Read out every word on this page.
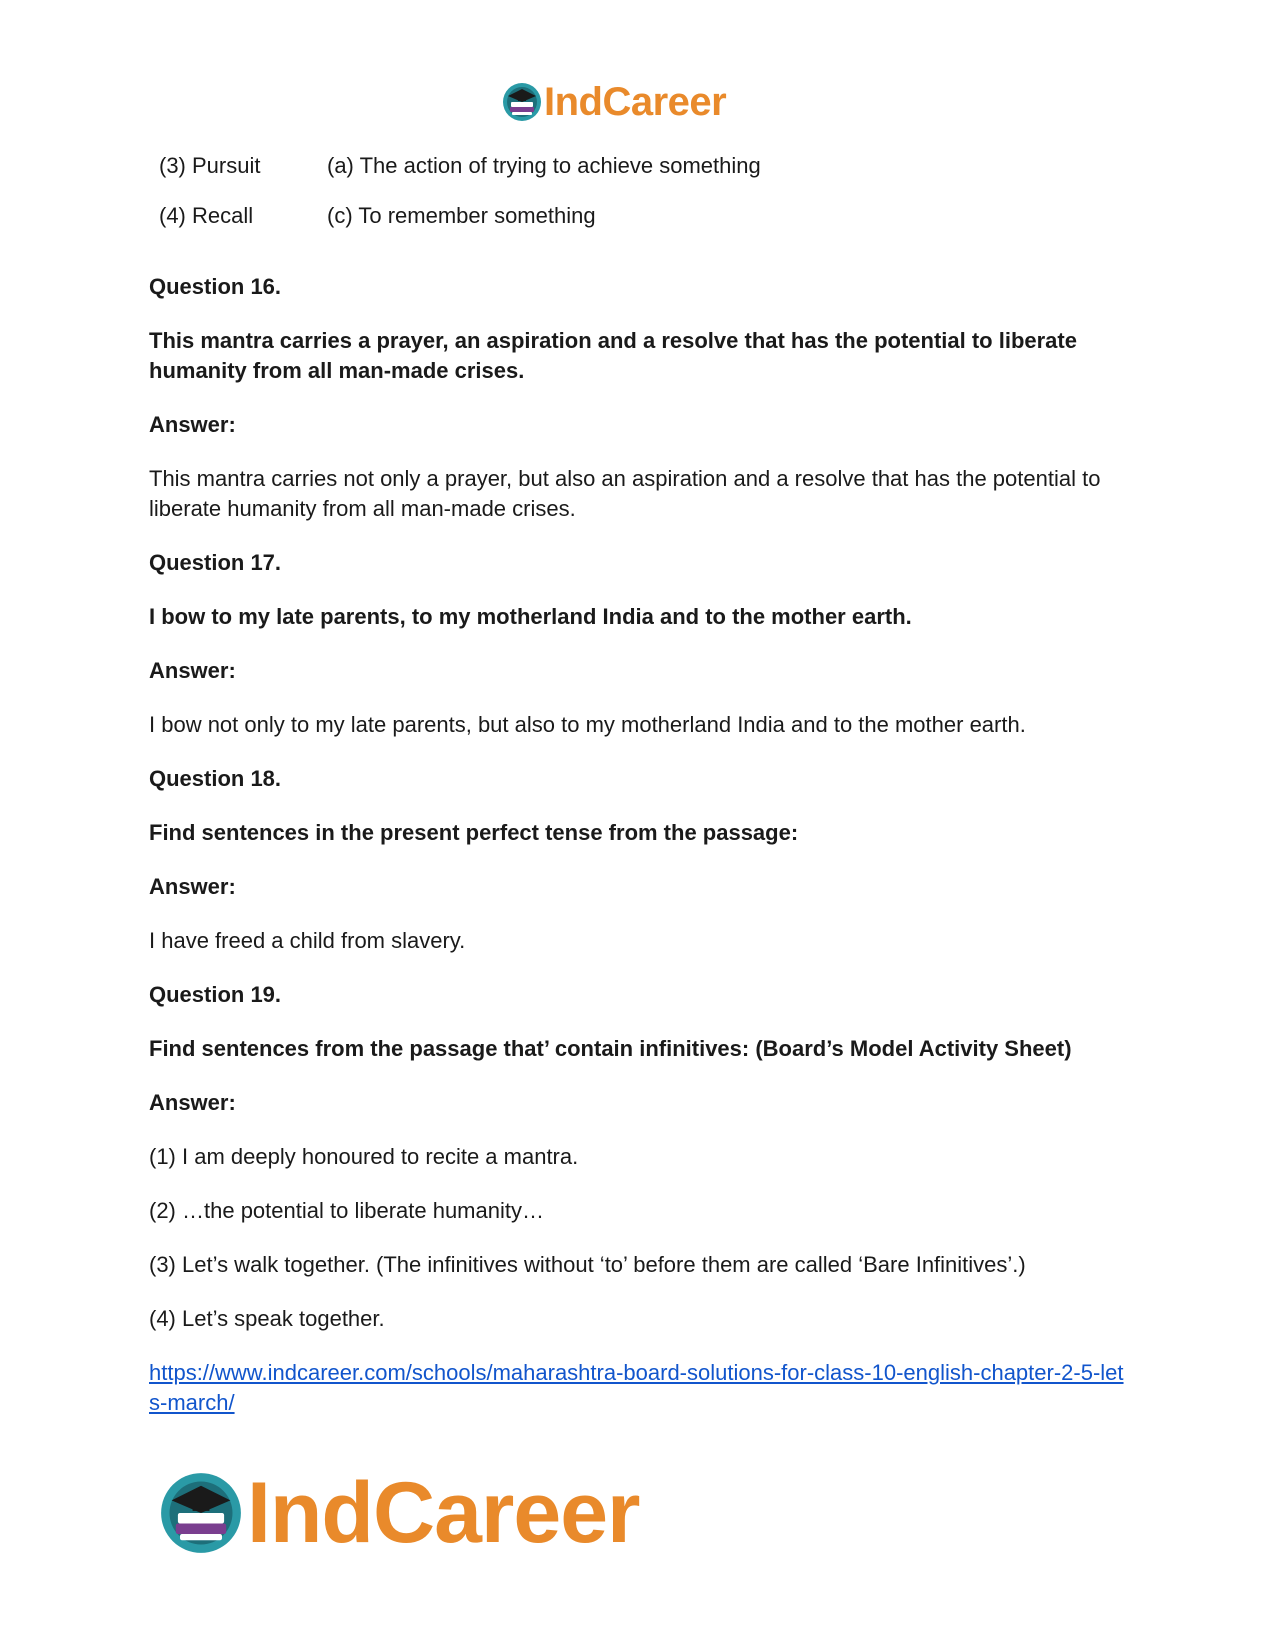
IndCareer
(3) Pursuit	(a) The action of trying to achieve something
(4) Recall	(c) To remember something

Question 16.

This mantra carries a prayer, an aspiration and a resolve that has the potential to liberate humanity from all man-made crises.

Answer:

This mantra carries not only a prayer, but also an aspiration and a resolve that has the potential to liberate humanity from all man-made crises.

Question 17.

I bow to my late parents, to my motherland India and to the mother earth.

Answer:

I bow not only to my late parents, but also to my motherland India and to the mother earth.

Question 18.

Find sentences in the present perfect tense from the passage:

Answer:

I have freed a child from slavery.

Question 19.

Find sentences from the passage that’ contain infinitives: (Board’s Model Activity Sheet)

Answer:

(1) I am deeply honoured to recite a mantra.

(2) …the potential to liberate humanity…

(3) Let’s walk together. (The infinitives without ‘to’ before them are called ‘Bare Infinitives’.)

(4) Let’s speak together.

https://www.indcareer.com/schools/maharashtra-board-solutions-for-class-10-english-chapter-2-5-lets-march/
IndCareer
